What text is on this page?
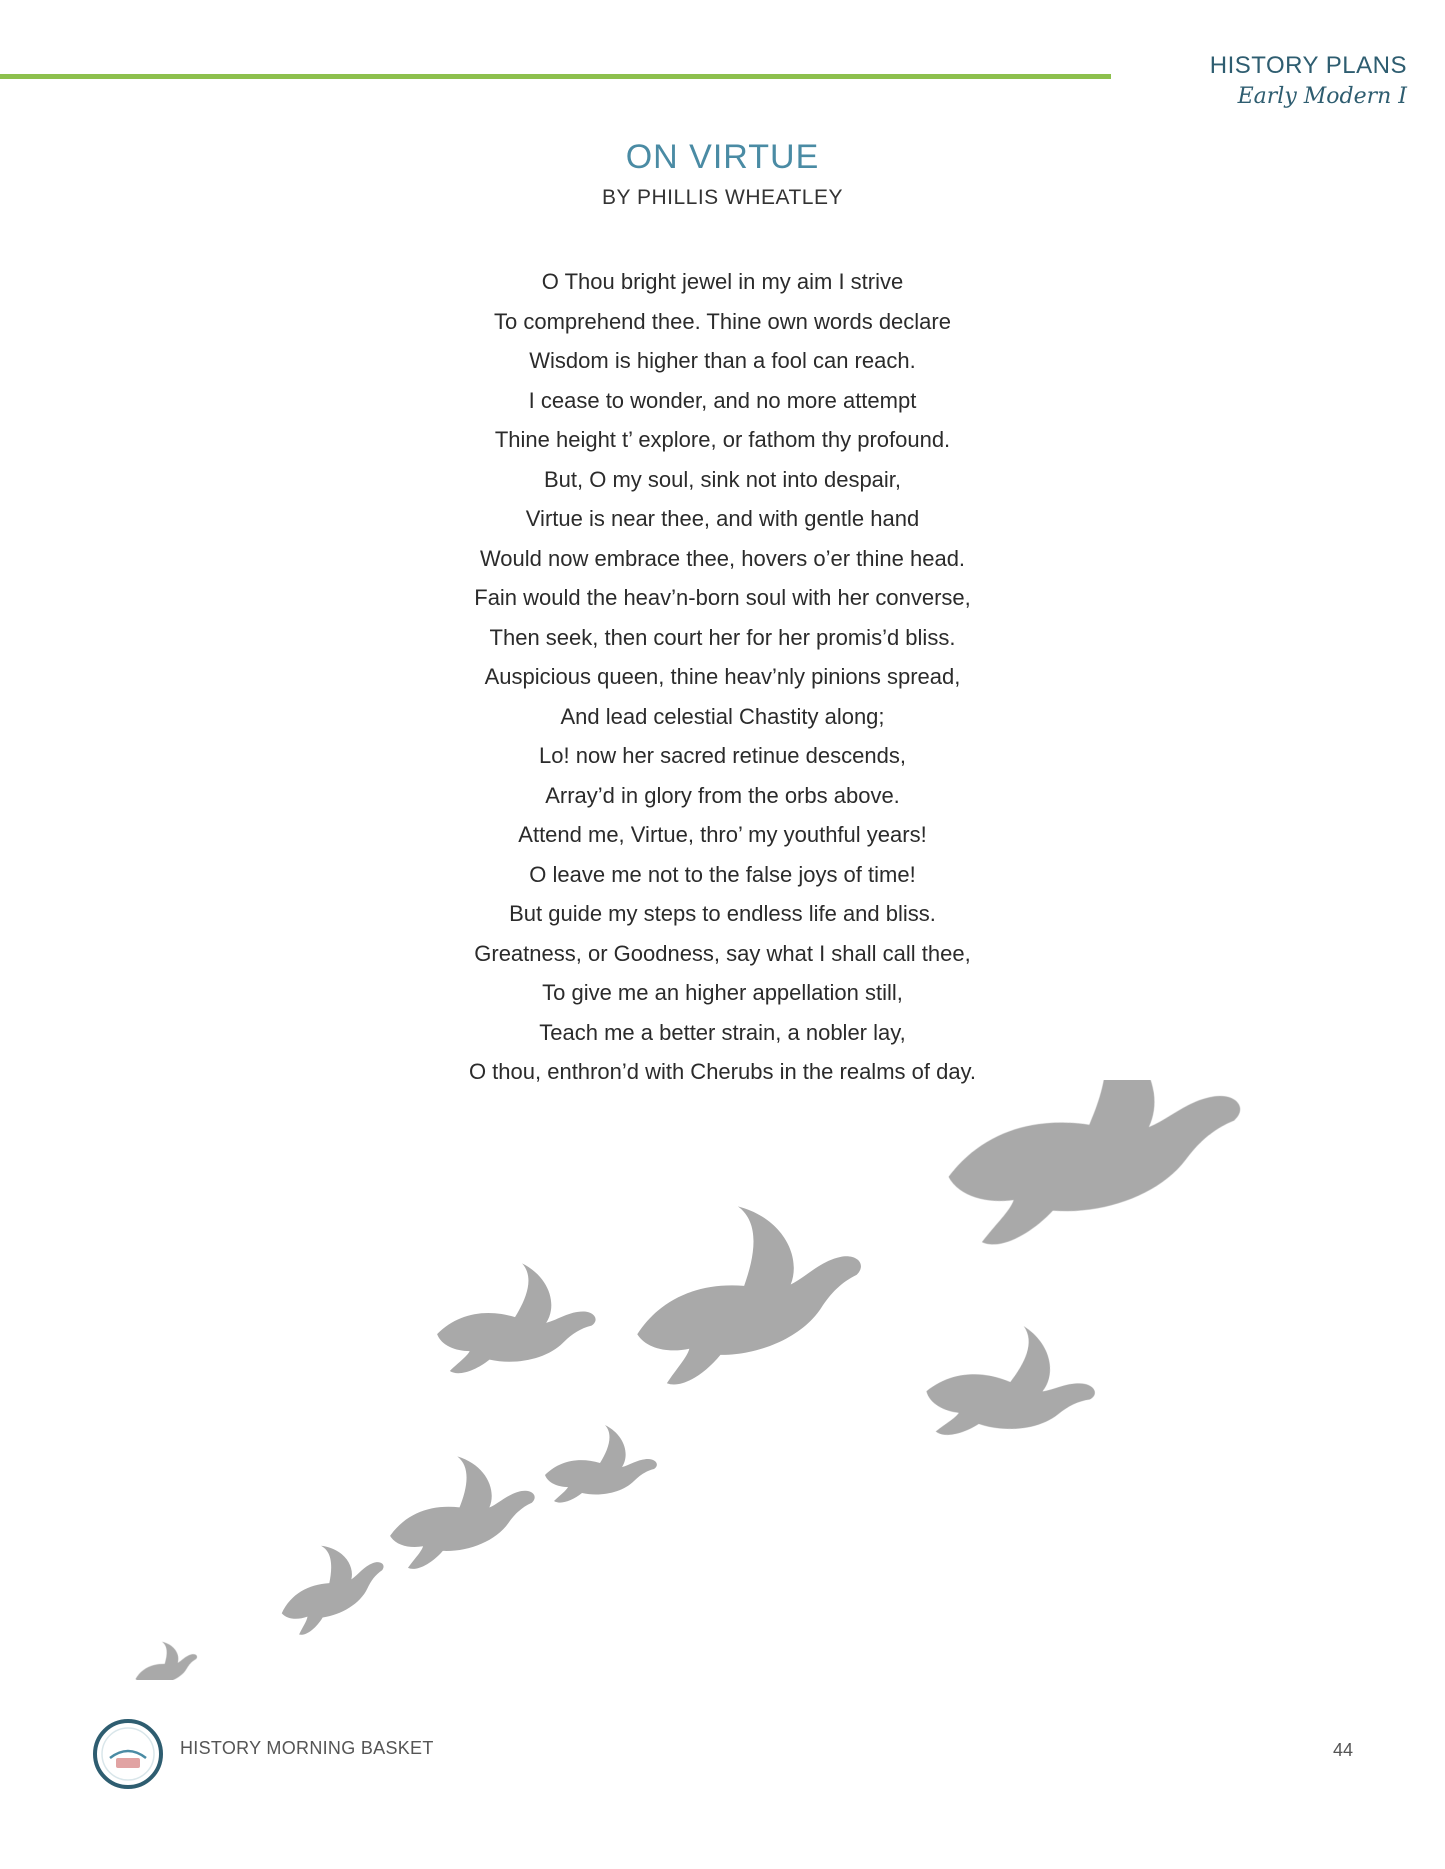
HISTORY PLANS
Early Modern I
ON VIRTUE
BY PHILLIS WHEATLEY
O Thou bright jewel in my aim I strive
To comprehend thee. Thine own words declare
Wisdom is higher than a fool can reach.
I cease to wonder, and no more attempt
Thine height t’ explore, or fathom thy profound.
But, O my soul, sink not into despair,
Virtue is near thee, and with gentle hand
Would now embrace thee, hovers o’er thine head.
Fain would the heav’n-born soul with her converse,
Then seek, then court her for her promis’d bliss.
Auspicious queen, thine heav’nly pinions spread,
And lead celestial Chastity along;
Lo! now her sacred retinue descends,
Array’d in glory from the orbs above.
Attend me, Virtue, thro’ my youthful years!
O leave me not to the false joys of time!
But guide my steps to endless life and bliss.
Greatness, or Goodness, say what I shall call thee,
To give me an higher appellation still,
Teach me a better strain, a nobler lay,
O thou, enthron’d with Cherubs in the realms of day.
HISTORY MORNING BASKET	44
